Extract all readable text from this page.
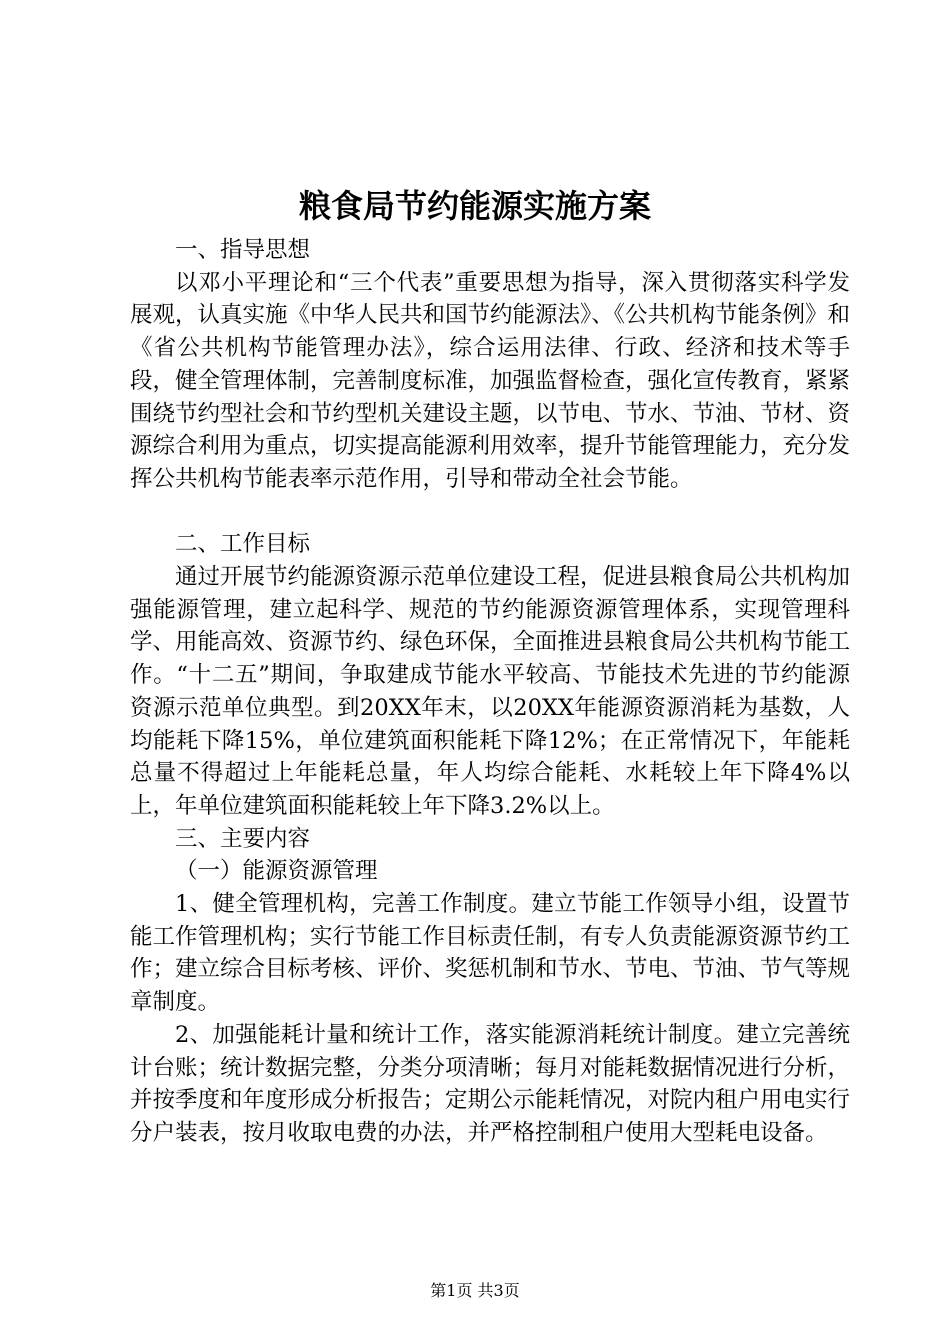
粮食局节约能源实施方案

一、指导思想

以邓小平理论和“三个代表”重要思想为指导，深入贯彻落实科学发展观，认真实施《中华人民共和国节约能源法》、《公共机构节能条例》和《省公共机构节能管理办法》，综合运用法律、行政、经济和技术等手段，健全管理体制，完善制度标准，加强监督检查，强化宣传教育，紧紧围绕节约型社会和节约型机关建设主题，以节电、节水、节油、节材、资源综合利用为重点，切实提高能源利用效率，提升节能管理能力，充分发挥公共机构节能表率示范作用，引导和带动全社会节能。

二、工作目标

通过开展节约能源资源示范单位建设工程，促进县粮食局公共机构加强能源管理，建立起科学、规范的节约能源资源管理体系，实现管理科学、用能高效、资源节约、绿色环保，全面推进县粮食局公共机构节能工作。“十二五”期间，争取建成节能水平较高、节能技术先进的节约能源资源示范单位典型。到20XX年末，以20XX年能源资源消耗为基数，人均能耗下降15%，单位建筑面积能耗下降12%；在正常情况下，年能耗总量不得超过上年能耗总量，年人均综合能耗、水耗较上年下降4%以上，年单位建筑面积能耗较上年下降3.2%以上。

三、主要内容

（一）能源资源管理

1、健全管理机构，完善工作制度。建立节能工作领导小组，设置节能工作管理机构；实行节能工作目标责任制，有专人负责能源资源节约工作；建立综合目标考核、评价、奖惩机制和节水、节电、节油、节气等规章制度。

2、加强能耗计量和统计工作，落实能源消耗统计制度。建立完善统计台账；统计数据完整，分类分项清晰；每月对能耗数据情况进行分析，并按季度和年度形成分析报告；定期公示能耗情况，对院内租户用电实行分户装表，按月收取电费的办法，并严格控制租户使用大型耗电设备。

第1页 共3页
